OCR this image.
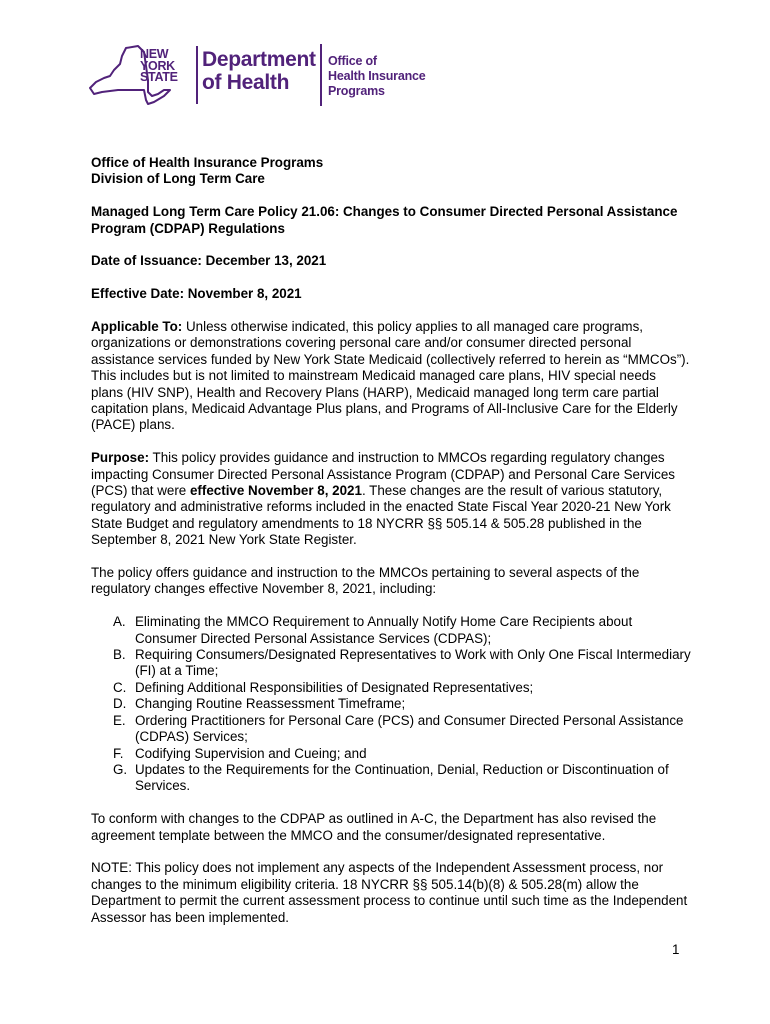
NEW
YORK
STATE
Department
of Health
Office of
Health Insurance
Programs

Office of Health Insurance Programs
Division of Long Term Care

Managed Long Term Care Policy 21.06: Changes to Consumer Directed Personal Assistance Program (CDPAP) Regulations

Date of Issuance: December 13, 2021

Effective Date: November 8, 2021

Applicable To: Unless otherwise indicated, this policy applies to all managed care programs, organizations or demonstrations covering personal care and/or consumer directed personal assistance services funded by New York State Medicaid (collectively referred to herein as “MMCOs”). This includes but is not limited to mainstream Medicaid managed care plans, HIV special needs plans (HIV SNP), Health and Recovery Plans (HARP), Medicaid managed long term care partial capitation plans, Medicaid Advantage Plus plans, and Programs of All-Inclusive Care for the Elderly (PACE) plans.

Purpose: This policy provides guidance and instruction to MMCOs regarding regulatory changes impacting Consumer Directed Personal Assistance Program (CDPAP) and Personal Care Services (PCS) that were effective November 8, 2021. These changes are the result of various statutory, regulatory and administrative reforms included in the enacted State Fiscal Year 2020-21 New York State Budget and regulatory amendments to 18 NYCRR §§ 505.14 & 505.28 published in the September 8, 2021 New York State Register.

The policy offers guidance and instruction to the MMCOs pertaining to several aspects of the regulatory changes effective November 8, 2021, including:

A. Eliminating the MMCO Requirement to Annually Notify Home Care Recipients about Consumer Directed Personal Assistance Services (CDPAS);
B. Requiring Consumers/Designated Representatives to Work with Only One Fiscal Intermediary (FI) at a Time;
C. Defining Additional Responsibilities of Designated Representatives;
D. Changing Routine Reassessment Timeframe;
E. Ordering Practitioners for Personal Care (PCS) and Consumer Directed Personal Assistance (CDPAS) Services;
F. Codifying Supervision and Cueing; and
G. Updates to the Requirements for the Continuation, Denial, Reduction or Discontinuation of Services.

To conform with changes to the CDPAP as outlined in A-C, the Department has also revised the agreement template between the MMCO and the consumer/designated representative.

NOTE: This policy does not implement any aspects of the Independent Assessment process, nor changes to the minimum eligibility criteria. 18 NYCRR §§ 505.14(b)(8) & 505.28(m) allow the Department to permit the current assessment process to continue until such time as the Independent Assessor has been implemented.

1
